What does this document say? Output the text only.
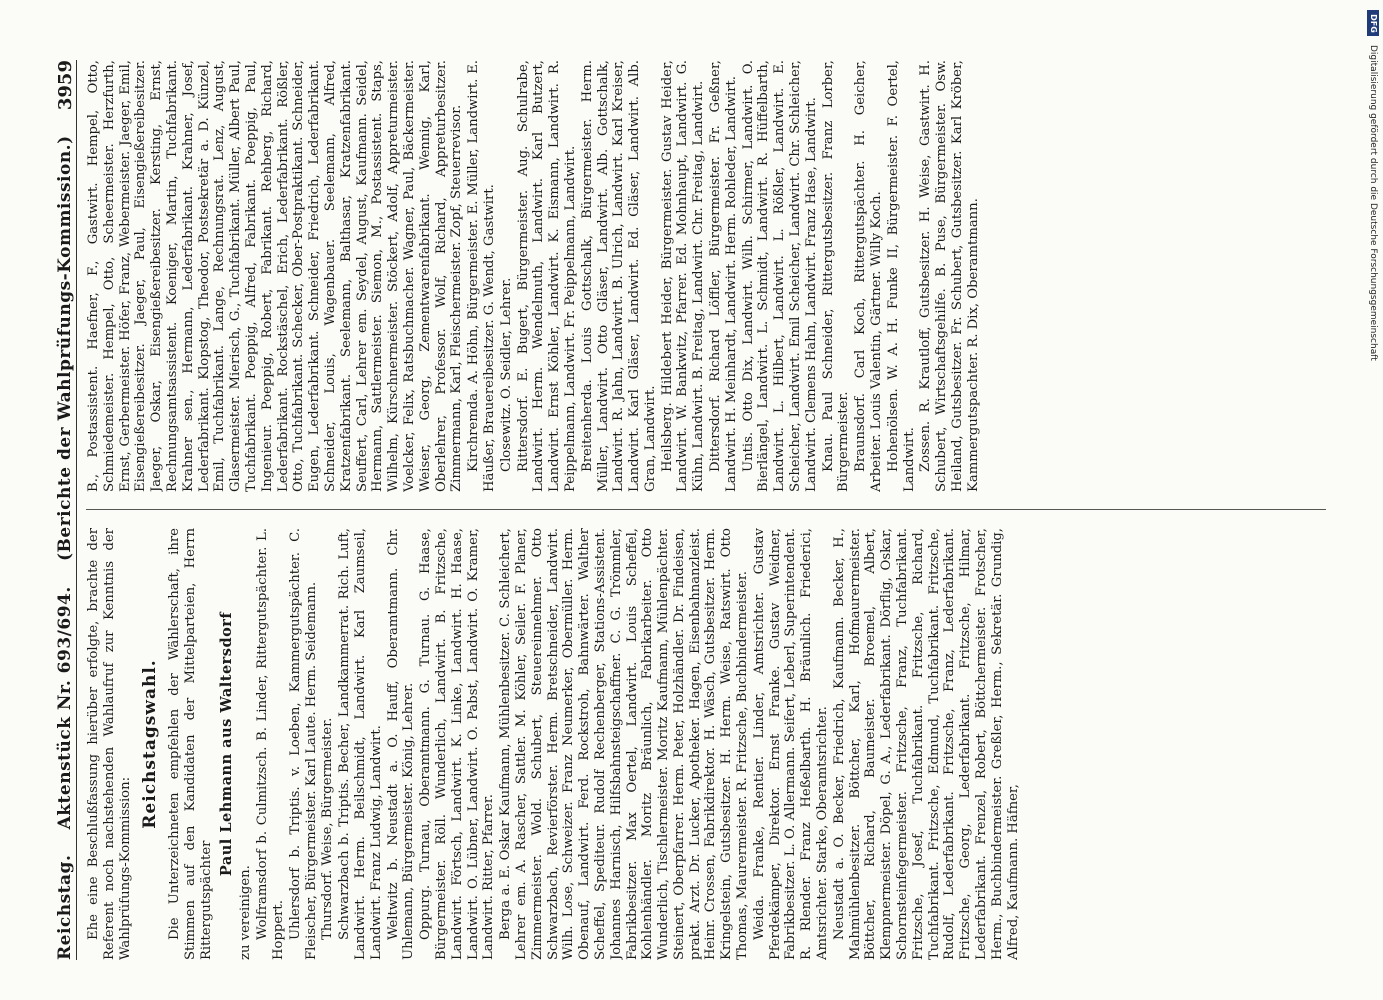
Reichstag.
Aktenstück Nr. 693/694.
(Berichte der Wahlprüfungs-Kommission.)
3959

Ehe eine Beschlußfassung hierüber erfolgte, brachte der Referent noch nachstehenden Wahlaufruf zur Kenntnis der Wahlprüfungs-Kommission:

Reichstagswahl. Die Unterzeichneten empfehlen der Wählerschaft, ihre Stimmen auf den Kandidaten der Mittelparteien, Herrn Rittergutspächter

Paul Lehmann aus Waltersdorf

zu vereinigen. Wolframsdorf b. Culmitzsch. B. Linder, Rittergutspächter. L. Hoppert. Uhlersdorf b. Triptis. v. Loeben, Kammergutspächter. C. Fleischer, Bürgermeister. Karl Laute. Herm. Seidemann. Thursdorf. Weise, Bürgermeister. Schwarzbach b. Triptis. Becher, Landkammerrat. Rich. Luft, Landwirt. Herm. Beilschmidt, Landwirt. Karl Zaumseil, Landwirt. Franz Ludwig, Landwirt. Weltwitz b. Neustadt a. O. Hauff, Oberamtmann. Chr. Uhlemann, Bürgermeister. König, Lehrer. Oppurg. Turnau, Oberamtmann. G. Turnau. G. Haase, Bürgermeister. Röll. Wunderlich, Landwirt. B. Fritzsche, Landwirt. Förtsch, Landwirt. K. Linke, Landwirt. H. Haase, Landwirt. O. Lübner, Landwirt. O. Pabst, Landwirt. O. Kramer, Landwirt. Ritter, Pfarrer. Berga a. E. Oskar Kaufmann, Mühlenbesitzer. C. Schleichert, Lehrer em. A. Rascher, Sattler. M. Köhler, Seiler. F. Planer, Zimmermeister. Wold. Schubert, Steuereinnehmer. Otto Schwarzbach, Revierförster. Herm. Bretschneider, Landwirt. Wilh. Lose, Schweizer. Franz Neumerker, Obermüller. Herm. Obenauf, Landwirt. Ferd. Rockstroh, Bahnwärter. Walther Scheffel, Spediteur. Rudolf Rechenberger, Stations-Assistent. Johannes Harnisch, Hilfsbahnsteigschaffner. C. G. Trömmler, Fabrikbesitzer. Max Oertel, Landwirt. Louis Scheffel, Kohlenhändler. Moritz Bräunlich, Fabrikarbeiter. Otto Wunderlich, Tischlermeister. Moritz Kaufmann, Mühlenpächter. Steinert, Oberpfarrer. Herm. Peter, Holzhändler. Dr. Findeisen, prakt. Arzt. Dr. Lucker, Apotheker. Hagen, Eisenbahnanzleist. Heinr. Crossen, Fabrikdirektor. H. Wäsch, Gutsbesitzer. Herm. Kringelstein, Gutsbesitzer. H. Herm. Weise, Ratswirt. Otto Thomas, Maurermeister. R. Fritzsche, Buchbindermeister. Weida. Franke, Rentier. Linder, Amtsrichter. Gustav Pferdekämper, Direktor. Ernst Franke. Gustav Weidner, Fabrikbesitzer. L. O. Allermann. Seifert, Leberl, Superintendent. R. Rlender. Franz Heßelbarth. H. Bräunlich. Friederici, Amtsrichter. Starke, Oberamtsrichter. Neustadt a. O. Becker, Friedrich, Kaufmann. Becker, H., Mahmühlenbesitzer. Böttcher, Karl, Hofmaurermeister. Böttcher, Richard, Baumeister. Broemel, Albert, Klempnermeister. Döpel, G. A., Lederfabrikant. Dörflig, Oskar, Schornsteinfegermeister. Fritzsche, Franz, Tuchfabrikant. Fritzsche, Josef, Tuchfabrikant. Fritzsche, Richard, Tuchfabrikant. Fritzsche, Edmund, Tuchfabrikant. Fritzsche, Rudolf, Lederfabrikant. Fritzsche, Franz, Lederfabrikant. Fritzsche, Georg, Lederfabrikant. Fritzsche, Hilmar, Lederfabrikant. Frenzel, Robert, Böttchermeister. Frotscher, Herm., Buchbindermeister. Greßler, Herm., Sekretär. Grundig, Alfred, Kaufmann. Häfner,

B., Postassistent. Haefner, F., Gastwirt. Hempel, Otto, Schmiedemeister. Hempel, Otto, Scheermeister. Herzfurth, Ernst, Gerbermeister. Höfer, Franz, Webermeister. Jaeger, Emil, Eisengießereibesitzer. Jaeger, Paul, Eisengießereibesitzer. Jaeger, Oskar, Eisengießereibesitzer. Kersting, Ernst, Rechnungsamtsassistent. Koeniger, Martin, Tuchfabrikant. Krahner sen., Hermann, Lederfabrikant. Krahner, Josef, Lederfabrikant. Klopstog, Theodor, Postsekretär a. D. Künzel, Emil, Tuchfabrikant. Lange, Rechnungsrat. Lenz, August, Glasermeister. Mierisch, G., Tuchfabrikant. Müller, Albert Paul, Tuchfabrikant. Poeppig, Alfred, Fabrikant. Poeppig, Paul, Ingenieur. Poeppig, Robert, Fabrikant. Rehberg, Richard, Lederfabrikant. Rockstäschel, Erich, Lederfabrikant. Rößler, Otto, Tuchfabrikant. Schecker, Ober-Postpraktikant. Schneider, Eugen, Lederfabrikant. Schneider, Friedrich, Lederfabrikant. Schneider, Louis, Wagenbauer. Seelemann, Alfred, Kratzenfabrikant. Seelemann, Balthasar, Kratzenfabrikant. Seuffert, Carl, Lehrer em. Seydel, August, Kaufmann. Seidel, Hermann, Sattlermeister. Siemon, M., Postassistent. Staps, Wilhelm, Kürschnermeister. Stöckert, Adolf, Appreturmeister. Voelcker, Felix, Ratsbuchmacher. Wagner, Paul, Bäckermeister. Weiser, Georg, Zementwarenfabrikant. Wennig, Karl, Oberlehrer, Professor. Wolf, Richard, Appreturbesitzer. Zimmermann, Karl, Fleischermeister. Zopf, Steuerrevisor. Kirchremda. A. Höhn, Bürgermeister. E. Müller, Landwirt. E. Häußer, Brauereibesitzer. G. Wendt, Gastwirt. Closewitz. O. Seidler, Lehrer. Rittersdorf. E. Bugert, Bürgermeister. Aug. Schulrabe, Landwirt. Herm. Wendelmuth, Landwirt. Karl Butzert, Landwirt. Ernst Köhler, Landwirt. K. Eismann, Landwirt. R. Peippelmann, Landwirt. Fr. Peippelmann, Landwirt. Breitenherda. Louis Gottschalk, Bürgermeister. Herm. Müller, Landwirt. Otto Gläser, Landwirt. Alb. Gottschalk, Landwirt. R. Jahn, Landwirt. B. Ulrich, Landwirt. Karl Kreiser, Landwirt. Karl Gläser, Landwirt. Ed. Gläser, Landwirt. Alb. Gran, Landwirt. Heilsberg. Hildebert Heider, Bürgermeister. Gustav Heider, Landwirt. W. Bankwitz, Pfarrer. Ed. Mohnhaupt, Landwirt. G. Kühn, Landwirt. B. Freitag, Landwirt. Chr. Freitag, Landwirt. Dittersdorf. Richard Löffler, Bürgermeister. Fr. Geßner, Landwirt. H. Meinhardt, Landwirt. Herm. Rohleder, Landwirt. Untis. Otto Dix, Landwirt. Wilh. Schirmer, Landwirt. O. Bierlängel, Landwirt. L. Schmidt, Landwirt. R. Hüffelbarth, Landwirt. L. Hilbert, Landwirt. L. Rößler, Landwirt. E. Scheicher, Landwirt. Emil Scheicher, Landwirt. Chr. Schleicher, Landwirt. Clemens Hahn, Landwirt. Franz Hase, Landwirt. Knau. Paul Schneider, Rittergutsbesitzer. Franz Lorber, Bürgermeister. Braunsdorf. Carl Koch, Rittergutspächter. H. Geicher, Arbeiter. Louis Valentin, Gärtner. Willy Koch. Hohenölsen. W. A. H. Funke II, Bürgermeister. F. Oertel, Landwirt. Zossen. R. Krautloff, Gutsbesitzer. H. Weise, Gastwirt. H. Schubert, Wirtschaftsgehilfe. B. Puse, Bürgermeister. Osw. Heiland, Gutsbesitzer. Fr. Schubert, Gutsbesitzer. Karl Kröber, Kammergutspachter. R. Dix, Oberamtmann.

DFG
Digitalisierung gefördert durch die Deutsche Forschungsgemeinschaft
